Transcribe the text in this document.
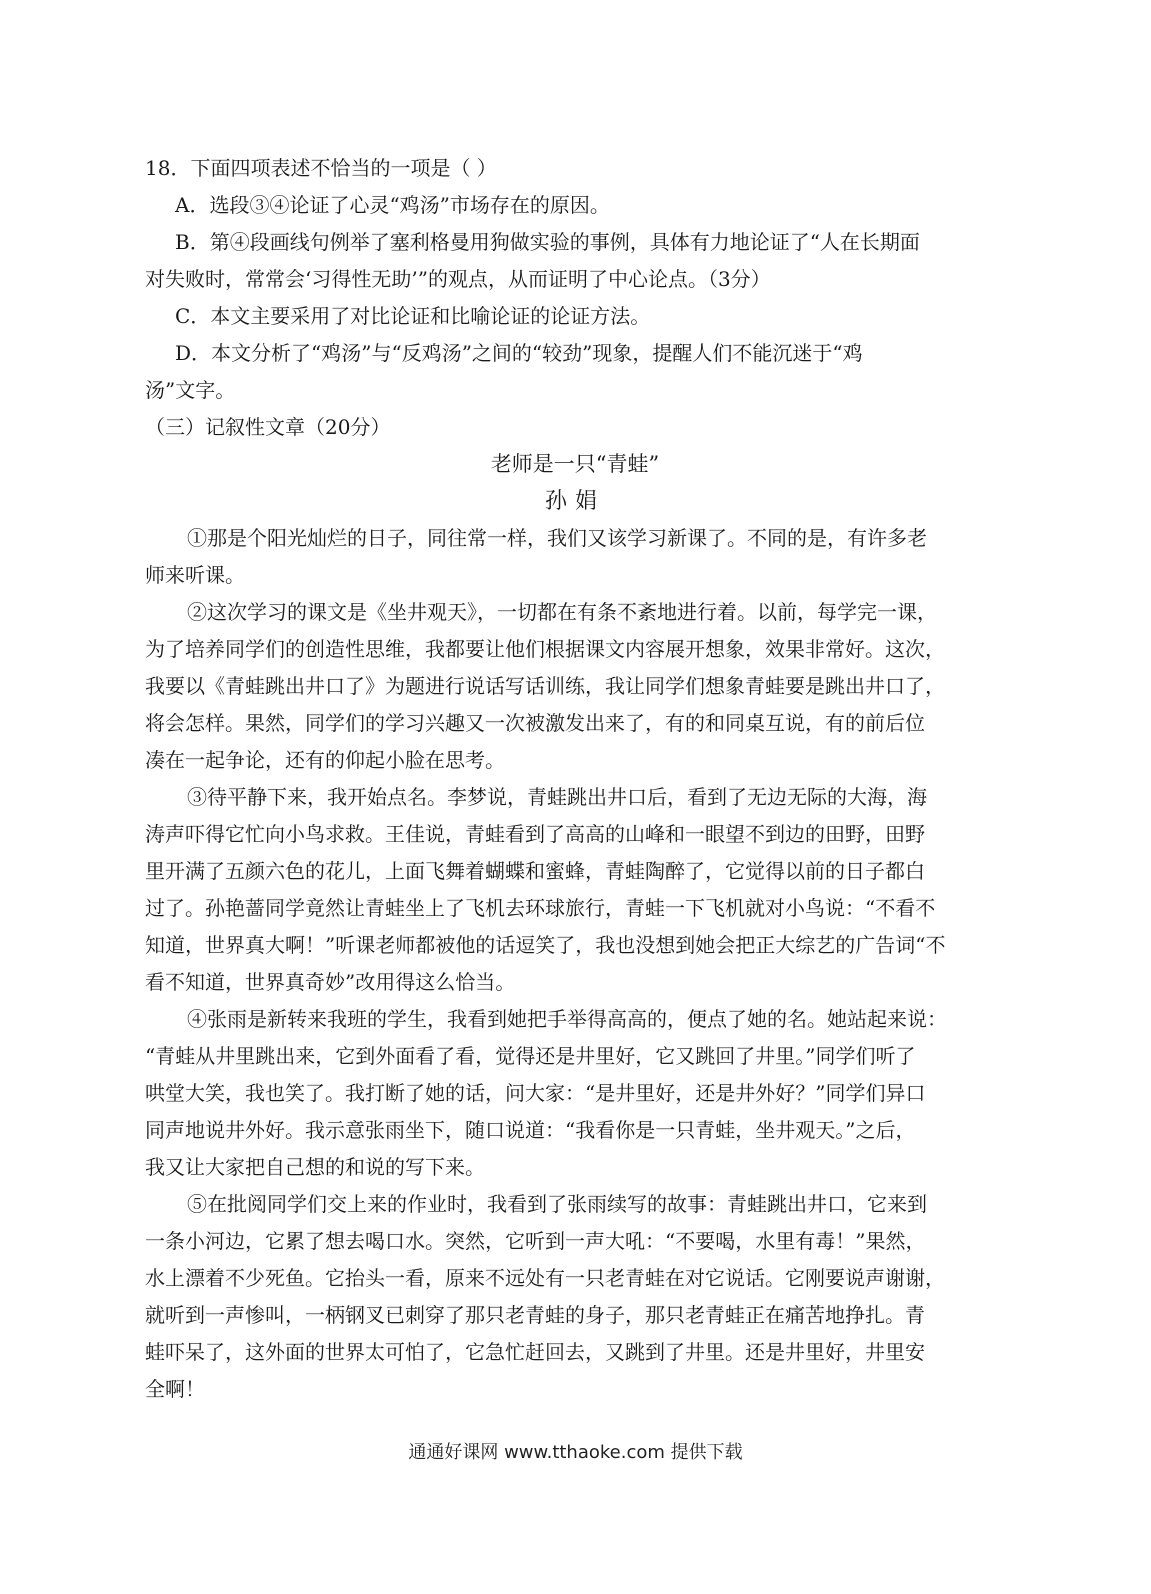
18．下面四项表述不恰当的一项是（ ）
A．选段③④论证了心灵“鸡汤”市场存在的原因。
B．第④段画线句例举了塞利格曼用狗做实验的事例，具体有力地论证了“人在长期面
对失败时，常常会‘习得性无助’”的观点，从而证明了中心论点。（3分）
C．本文主要采用了对比论证和比喻论证的论证方法。
D．本文分析了“鸡汤”与“反鸡汤”之间的“较劲”现象，提醒人们不能沉迷于“鸡
汤”文字。
（三）记叙性文章（20分）
老师是一只“青蛙”
孙娟
①那是个阳光灿烂的日子，同往常一样，我们又该学习新课了。不同的是，有许多老
师来听课。
②这次学习的课文是《坐井观天》，一切都在有条不紊地进行着。以前，每学完一课，
为了培养同学们的创造性思维，我都要让他们根据课文内容展开想象，效果非常好。这次，
我要以《青蛙跳出井口了》为题进行说话写话训练，我让同学们想象青蛙要是跳出井口了，
将会怎样。果然，同学们的学习兴趣又一次被激发出来了，有的和同桌互说，有的前后位
凑在一起争论，还有的仰起小脸在思考。
③待平静下来，我开始点名。李梦说，青蛙跳出井口后，看到了无边无际的大海，海
涛声吓得它忙向小鸟求救。王佳说，青蛙看到了高高的山峰和一眼望不到边的田野，田野
里开满了五颜六色的花儿，上面飞舞着蝴蝶和蜜蜂，青蛙陶醉了，它觉得以前的日子都白
过了。孙艳蔷同学竟然让青蛙坐上了飞机去环球旅行，青蛙一下飞机就对小鸟说：“不看不
知道，世界真大啊！”听课老师都被他的话逗笑了，我也没想到她会把正大综艺的广告词“不
看不知道，世界真奇妙”改用得这么恰当。
④张雨是新转来我班的学生，我看到她把手举得高高的，便点了她的名。她站起来说：
“青蛙从井里跳出来，它到外面看了看，觉得还是井里好，它又跳回了井里。”同学们听了
哄堂大笑，我也笑了。我打断了她的话，问大家：“是井里好，还是井外好？”同学们异口
同声地说井外好。我示意张雨坐下，随口说道：“我看你是一只青蛙，坐井观天。”之后，
我又让大家把自己想的和说的写下来。
⑤在批阅同学们交上来的作业时，我看到了张雨续写的故事：青蛙跳出井口，它来到
一条小河边，它累了想去喝口水。突然，它听到一声大吼：“不要喝，水里有毒！”果然，
水上漂着不少死鱼。它抬头一看，原来不远处有一只老青蛙在对它说话。它刚要说声谢谢，
就听到一声惨叫，一柄钢叉已刺穿了那只老青蛙的身子，那只老青蛙正在痛苦地挣扎。青
蛙吓呆了，这外面的世界太可怕了，它急忙赶回去，又跳到了井里。还是井里好，井里安
全啊！
通通好课网 www.tthaoke.com 提供下载
